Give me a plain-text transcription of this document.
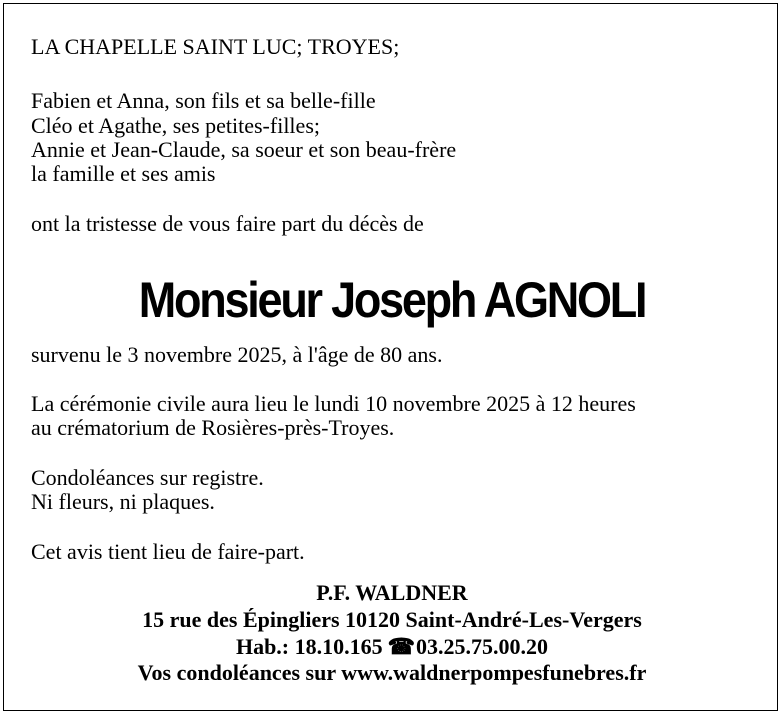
LA CHAPELLE SAINT LUC; TROYES;

Fabien et Anna, son fils et sa belle-fille

Cléo et Agathe, ses petites-filles;

Annie et Jean-Claude, sa soeur et son beau-frère

la famille et ses amis

ont la tristesse de vous faire part du décès de

Monsieur Joseph AGNOLI

survenu le 3 novembre 2025, à l'âge de 80 ans.

La cérémonie civile aura lieu le lundi 10 novembre 2025 à 12 heures

au crématorium de Rosières-près-Troyes.

Condoléances sur registre.

Ni fleurs, ni plaques.

Cet avis tient lieu de faire-part.

P.F. WALDNER
15 rue des Épingliers 10120 Saint-André-Les-Vergers
Hab.: 18.10.165 ☎03.25.75.00.20
Vos condoléances sur www.waldnerpompesfunebres.fr
